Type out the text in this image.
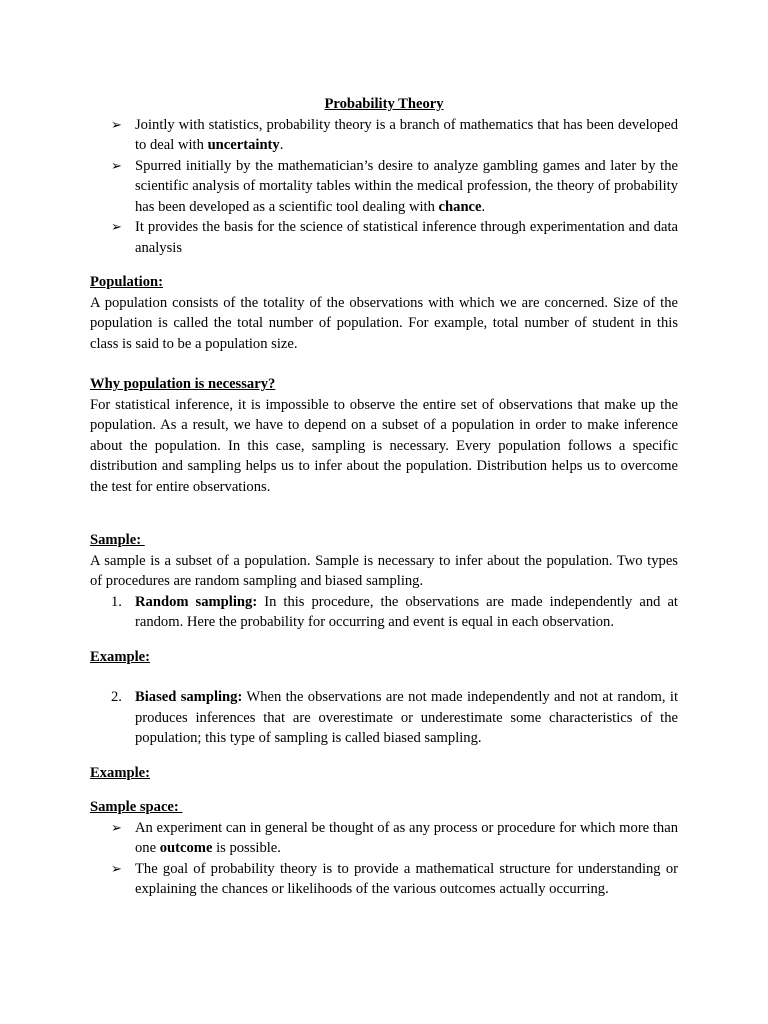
Probability Theory

➢ Jointly with statistics, probability theory is a branch of mathematics that has been developed to deal with uncertainty.
➢ Spurred initially by the mathematician’s desire to analyze gambling games and later by the scientific analysis of mortality tables within the medical profession, the theory of probability has been developed as a scientific tool dealing with chance.
➢ It provides the basis for the science of statistical inference through experimentation and data analysis

Population:

A population consists of the totality of the observations with which we are concerned. Size of the population is called the total number of population. For example, total number of student in this class is said to be a population size.

Why population is necessary?

For statistical inference, it is impossible to observe the entire set of observations that make up the population. As a result, we have to depend on a subset of a population in order to make inference about the population. In this case, sampling is necessary. Every population follows a specific distribution and sampling helps us to infer about the population. Distribution helps us to overcome the test for entire observations.

Sample:

A sample is a subset of a population. Sample is necessary to infer about the population. Two types of procedures are random sampling and biased sampling.

1. Random sampling: In this procedure, the observations are made independently and at random. Here the probability for occurring and event is equal in each observation.

Example:

2. Biased sampling: When the observations are not made independently and not at random, it produces inferences that are overestimate or underestimate some characteristics of the population; this type of sampling is called biased sampling.

Example:

Sample space:

➢ An experiment can in general be thought of as any process or procedure for which more than one outcome is possible.
➢ The goal of probability theory is to provide a mathematical structure for understanding or explaining the chances or likelihoods of the various outcomes actually occurring.
